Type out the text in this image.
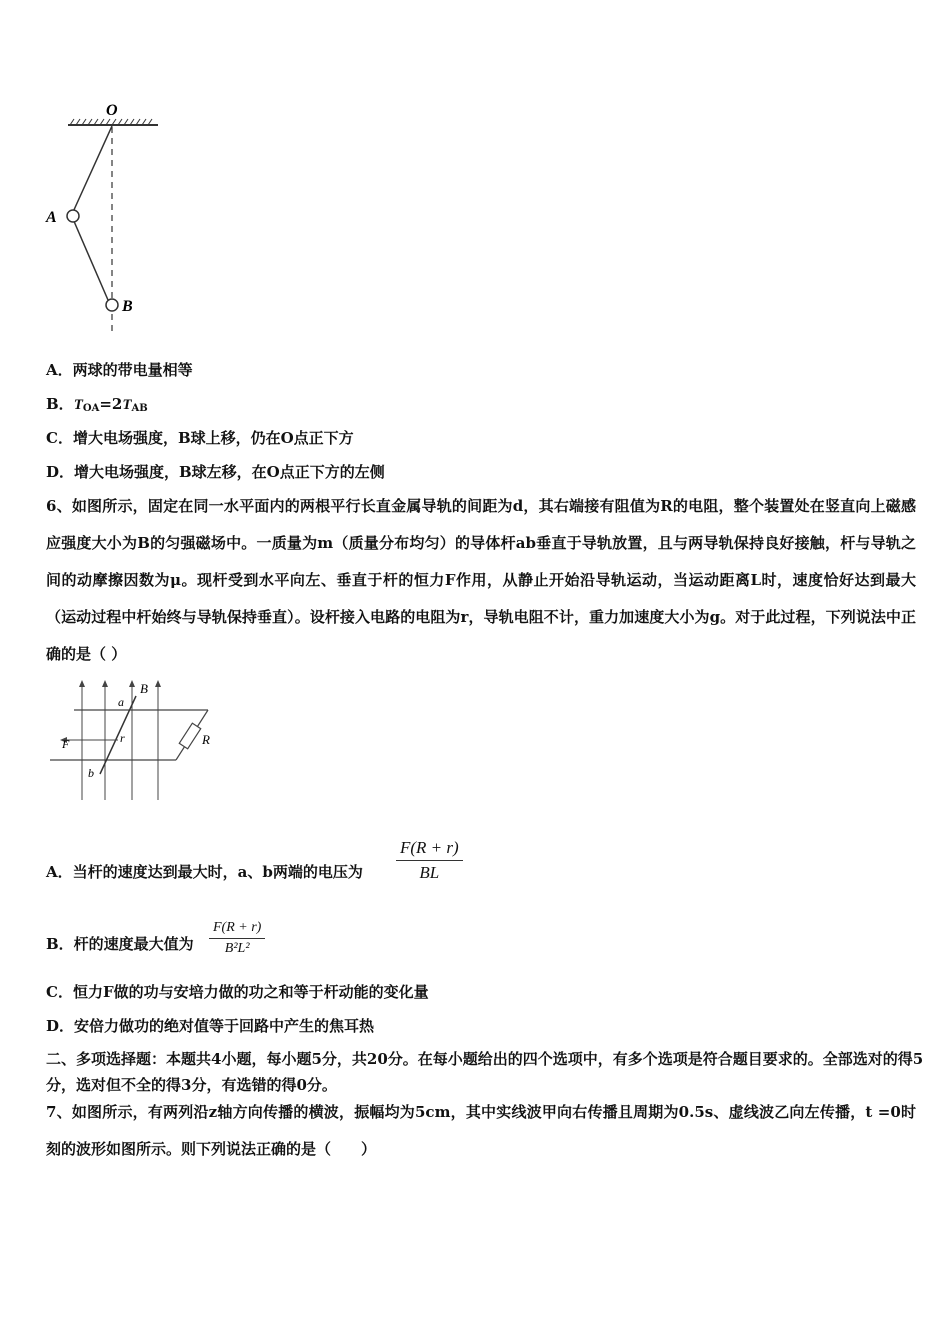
O
A
B
A．两球的带电量相等
B．$T_{OA}=2T_{AB}$
C．增大电场强度，B球上移，仍在O点正下方
D．增大电场强度，B球左移，在O点正下方的左侧
6、如图所示，固定在同一水平面内的两根平行长直金属导轨的间距为d，其右端接有阻值为R的电阻，整个装置处在竖直向上磁感应强度大小为B的匀强磁场中。一质量为m（质量分布均匀）的导体杆ab垂直于导轨放置，且与两导轨保持良好接触，杆与导轨之间的动摩擦因数为μ。现杆受到水平向左、垂直于杆的恒力F作用，从静止开始沿导轨运动，当运动距离L时，速度恰好达到最大（运动过程中杆始终与导轨保持垂直）。设杆接入电路的电阻为r，导轨电阻不计，重力加速度大小为g。对于此过程，下列说法中正确的是（ ）
B
a
b
F	r	R
A．当杆的速度达到最大时，a、b两端的电压为 $\frac{F(R + r)}{BL}$
B．杆的速度最大值为 $\frac{F(R + r)}{\text{B²L²}}$
C．恒力F做的功与安培力做的功之和等于杆动能的变化量
D．安倍力做功的绝对值等于回路中产生的焦耳热
二、多项选择题：本题共4小题，每小题5分，共20分。在每小题给出的四个选项中，有多个选项是符合题目要求的。全部选对的得5分，选对但不全的得3分，有选错的得0分。
7、如图所示，有两列沿z轴方向传播的横波，振幅均为5cm，其中实线波甲向右传播且周期为0.5s、虚线波乙向左传播，t =0时刻的波形如图所示。则下列说法正确的是（　　）
